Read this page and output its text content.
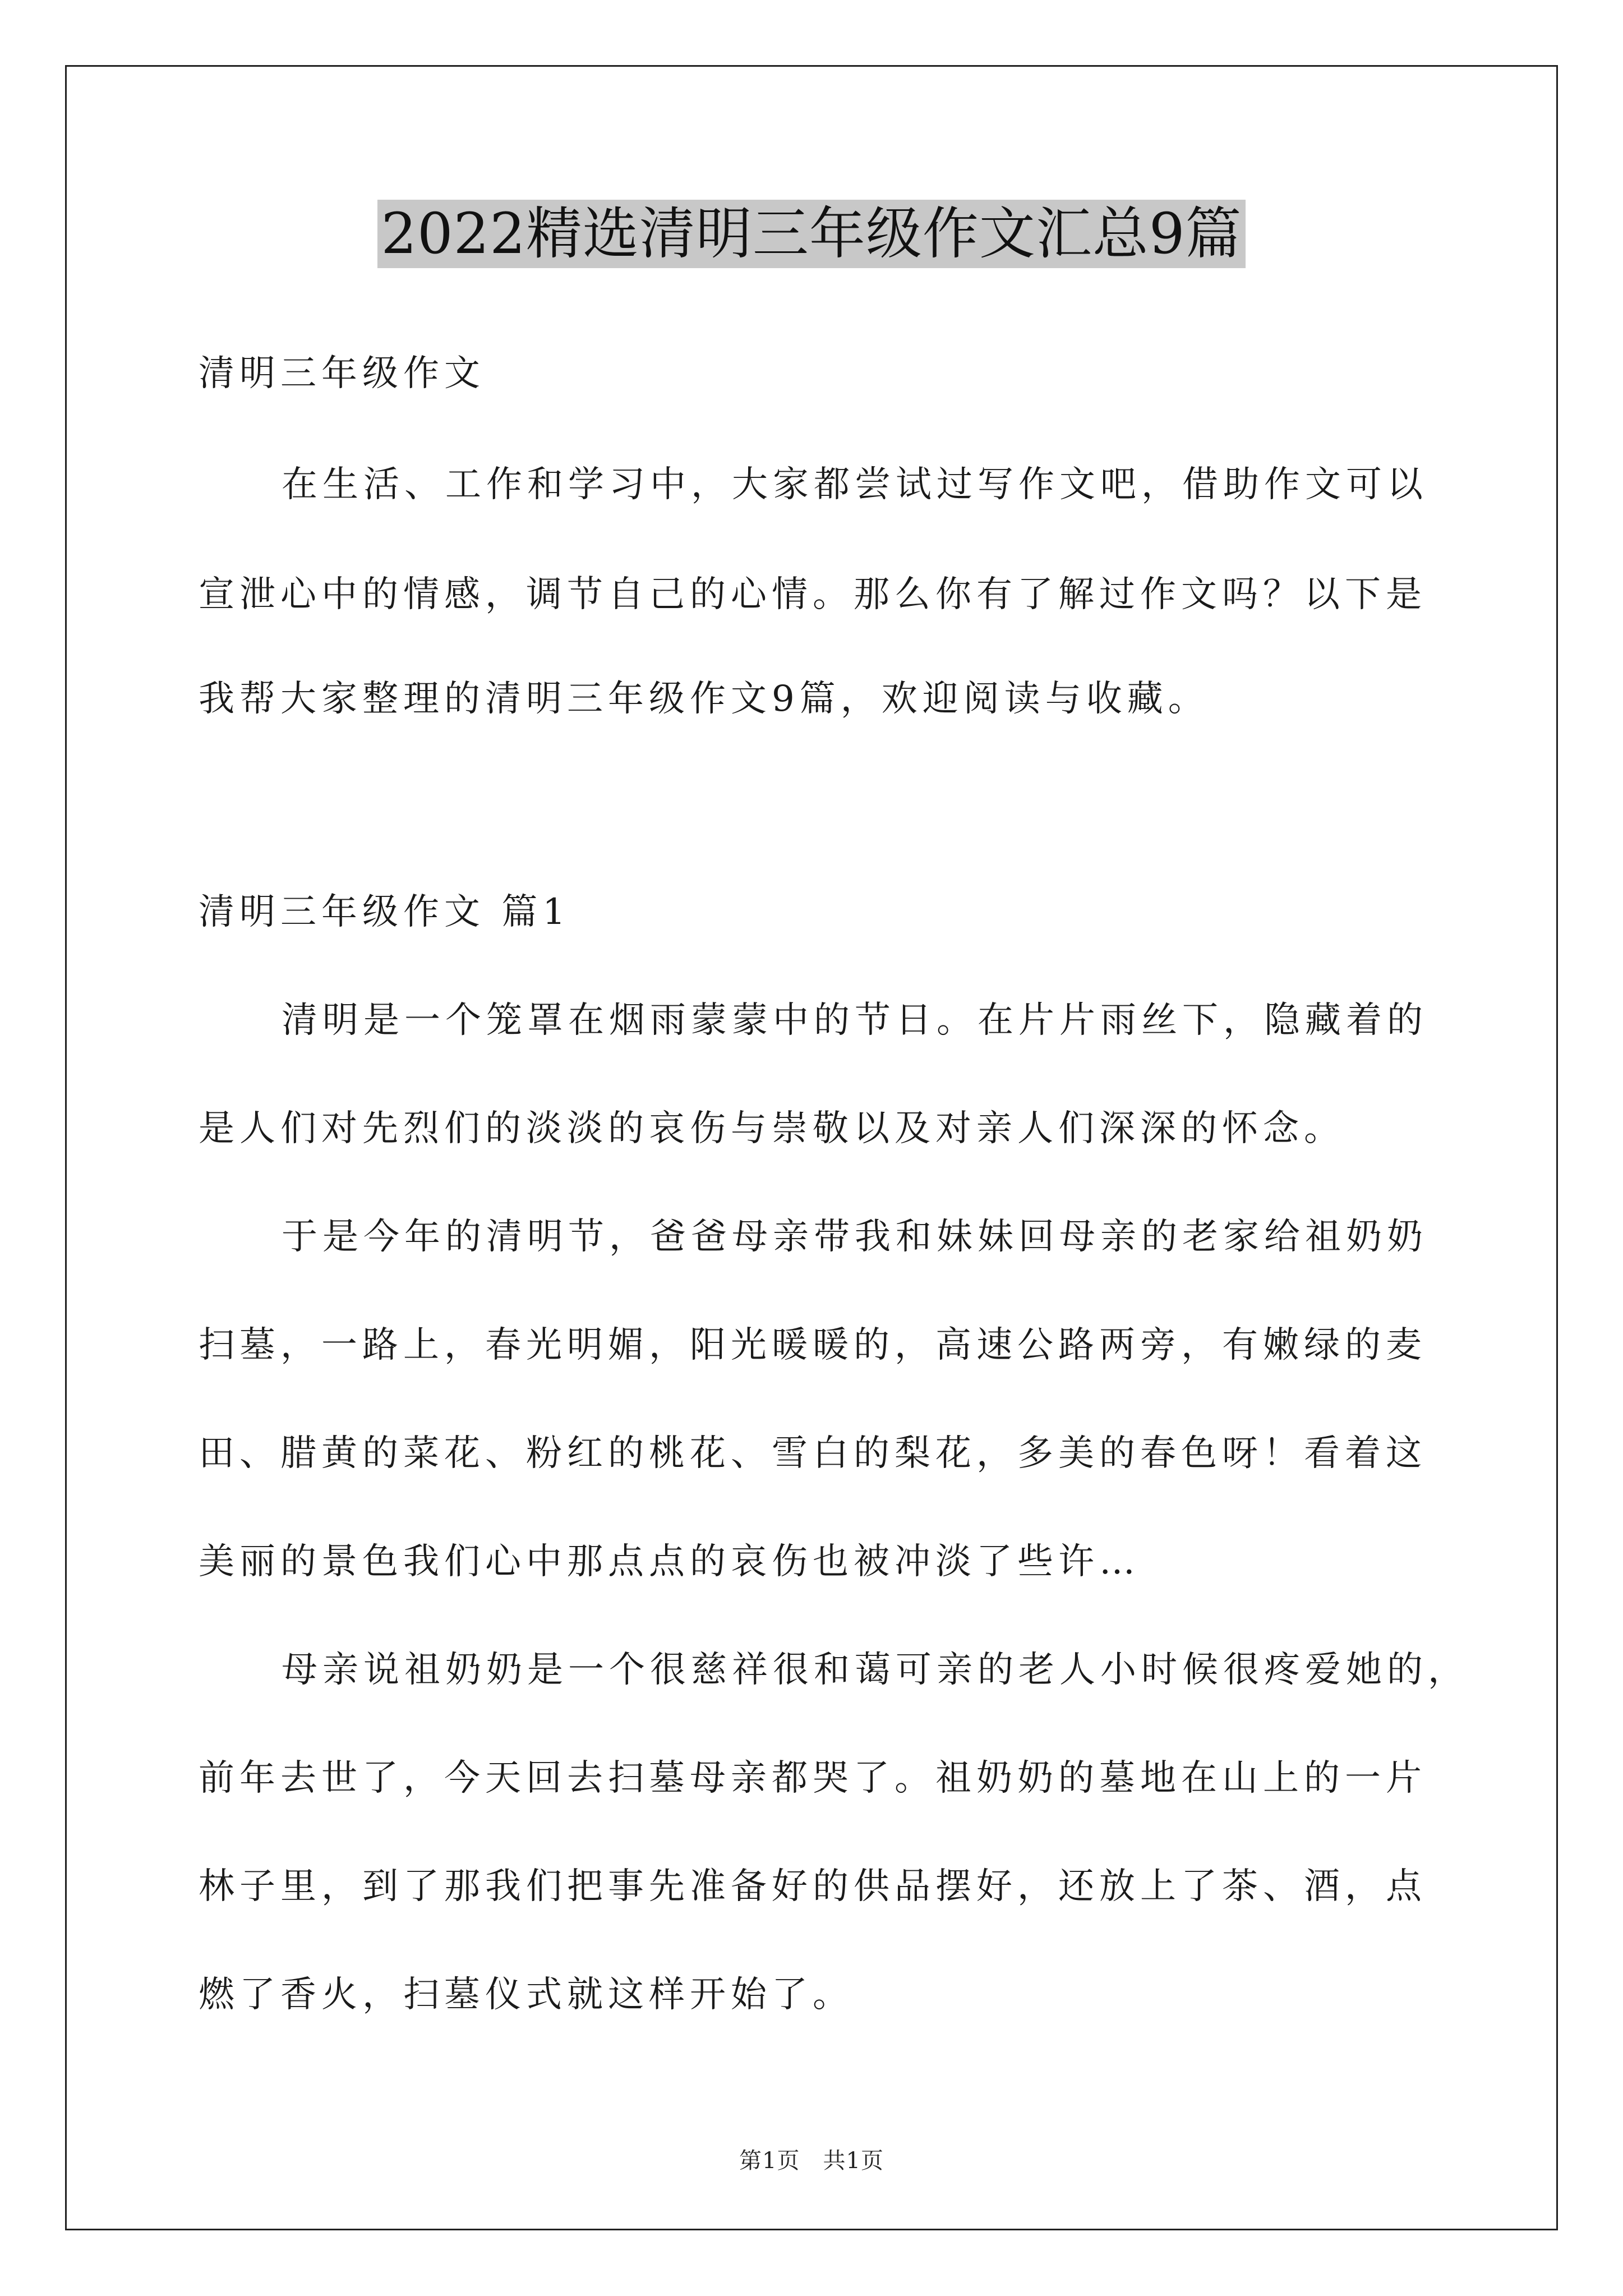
2022精选清明三年级作文汇总9篇
清明三年级作文
在生活、工作和学习中，大家都尝试过写作文吧，借助作文可以
宣泄心中的情感，调节自己的心情。那么你有了解过作文吗？以下是
我帮大家整理的清明三年级作文9篇，欢迎阅读与收藏。
清明三年级作文 篇1
清明是一个笼罩在烟雨蒙蒙中的节日。在片片雨丝下，隐藏着的
是人们对先烈们的淡淡的哀伤与崇敬以及对亲人们深深的怀念。
于是今年的清明节，爸爸母亲带我和妹妹回母亲的老家给祖奶奶
扫墓，一路上，春光明媚，阳光暖暖的，高速公路两旁，有嫩绿的麦
田、腊黄的菜花、粉红的桃花、雪白的梨花，多美的春色呀！看着这
美丽的景色我们心中那点点的哀伤也被冲淡了些许…
母亲说祖奶奶是一个很慈祥很和蔼可亲的老人小时候很疼爱她的，
前年去世了，今天回去扫墓母亲都哭了。祖奶奶的墓地在山上的一片
林子里，到了那我们把事先准备好的供品摆好，还放上了茶、酒，点
燃了香火，扫墓仪式就这样开始了。
第1页　共1页
